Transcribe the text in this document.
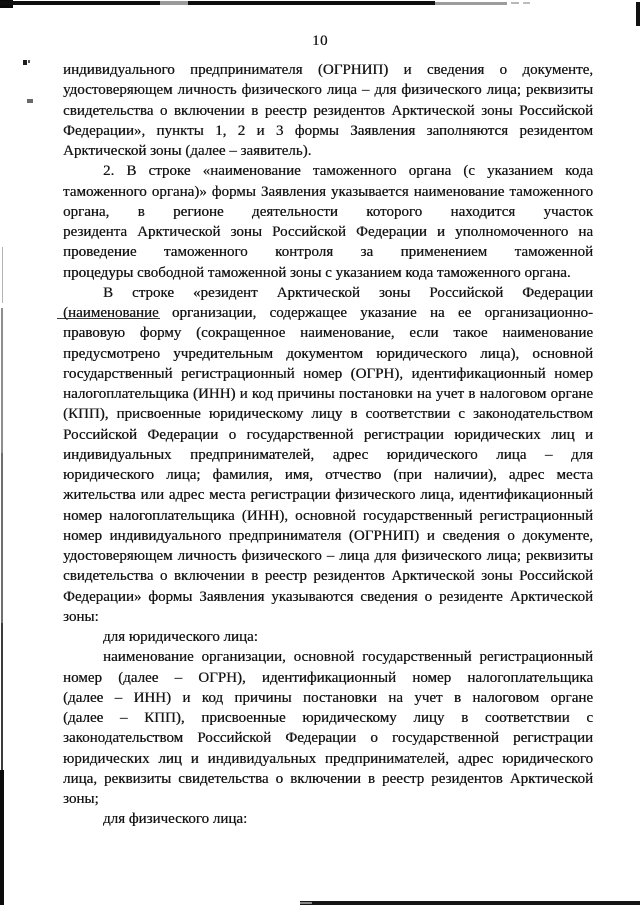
10
индивидуального предпринимателя (ОГРНИП) и сведения о документе,
удостоверяющем личность физического лица – для физического лица; реквизиты
свидетельства о включении в реестр резидентов Арктической зоны Российской
Федерации», пункты 1, 2 и 3 формы Заявления заполняются резидентом
Арктической зоны (далее – заявитель).
2. В строке «наименование таможенного органа (с указанием кода
таможенного органа)» формы Заявления указывается наименование таможенного
органа, в регионе деятельности которого находится участок
резидента Арктической зоны Российской Федерации и уполномоченного на
проведение таможенного контроля за применением таможенной
процедуры свободной таможенной зоны с указанием кода таможенного органа.
В строке «резидент Арктической зоны Российской Федерации
(наименование организации, содержащее указание на ее организационно-
правовую форму (сокращенное наименование, если такое наименование
предусмотрено учредительным документом юридического лица), основной
государственный регистрационный номер (ОГРН), идентификационный номер
налогоплательщика (ИНН) и код причины постановки на учет в налоговом органе
(КПП), присвоенные юридическому лицу в соответствии с законодательством
Российской Федерации о государственной регистрации юридических лиц и
индивидуальных предпринимателей, адрес юридического лица – для
юридического лица; фамилия, имя, отчество (при наличии), адрес места
жительства или адрес места регистрации физического лица, идентификационный
номер налогоплательщика (ИНН), основной государственный регистрационный
номер индивидуального предпринимателя (ОГРНИП) и сведения о документе,
удостоверяющем личность физического – лица для физического лица; реквизиты
свидетельства о включении в реестр резидентов Арктической зоны Российской
Федерации» формы Заявления указываются сведения о резиденте Арктической
зоны:
для юридического лица:
наименование организации, основной государственный регистрационный
номер (далее – ОГРН), идентификационный номер налогоплательщика
(далее – ИНН) и код причины постановки на учет в налоговом органе
(далее – КПП), присвоенные юридическому лицу в соответствии с
законодательством Российской Федерации о государственной регистрации
юридических лиц и индивидуальных предпринимателей, адрес юридического
лица, реквизиты свидетельства о включении в реестр резидентов Арктической
зоны;
для физического лица:
